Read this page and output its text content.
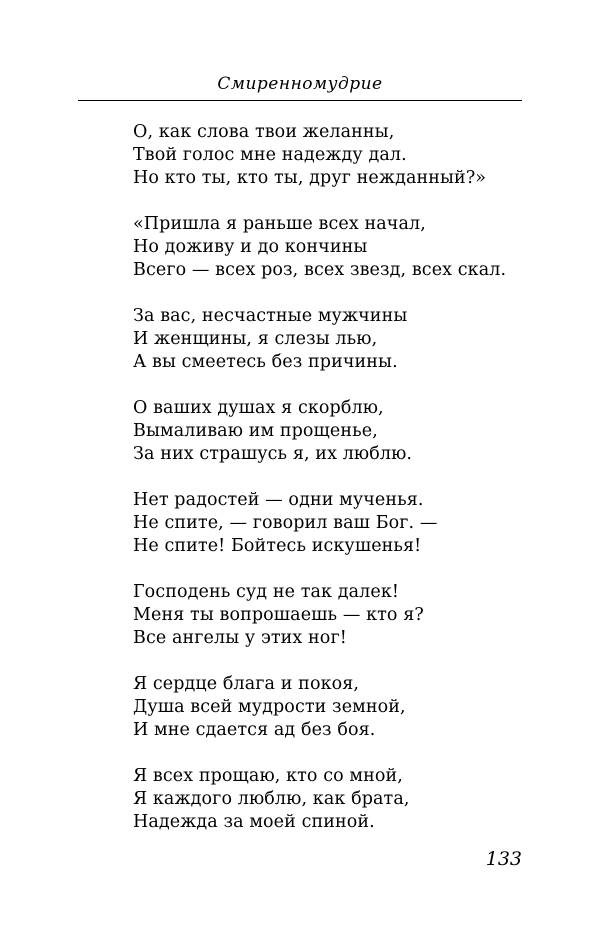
Смиренномудрие
О, как слова твои желанны,
Твой голос мне надежду дал.
Но кто ты, кто ты, друг нежданный?»
«Пришла я раньше всех начал,
Но доживу и до кончины
Всего — всех роз, всех звезд, всех скал.
За вас, несчастные мужчины
И женщины, я слезы лью,
А вы смеетесь без причины.
О ваших душах я скорблю,
Вымаливаю им прощенье,
За них страшусь я, их люблю.
Нет радостей — одни мученья.
Не спите, — говорил ваш Бог. —
Не спите! Бойтесь искушенья!
Господень суд не так далек!
Меня ты вопрошаешь — кто я?
Все ангелы у этих ног!
Я сердце блага и покоя,
Душа всей мудрости земной,
И мне сдается ад без боя.
Я всех прощаю, кто со мной,
Я каждого люблю, как брата,
Надежда за моей спиной.
133
